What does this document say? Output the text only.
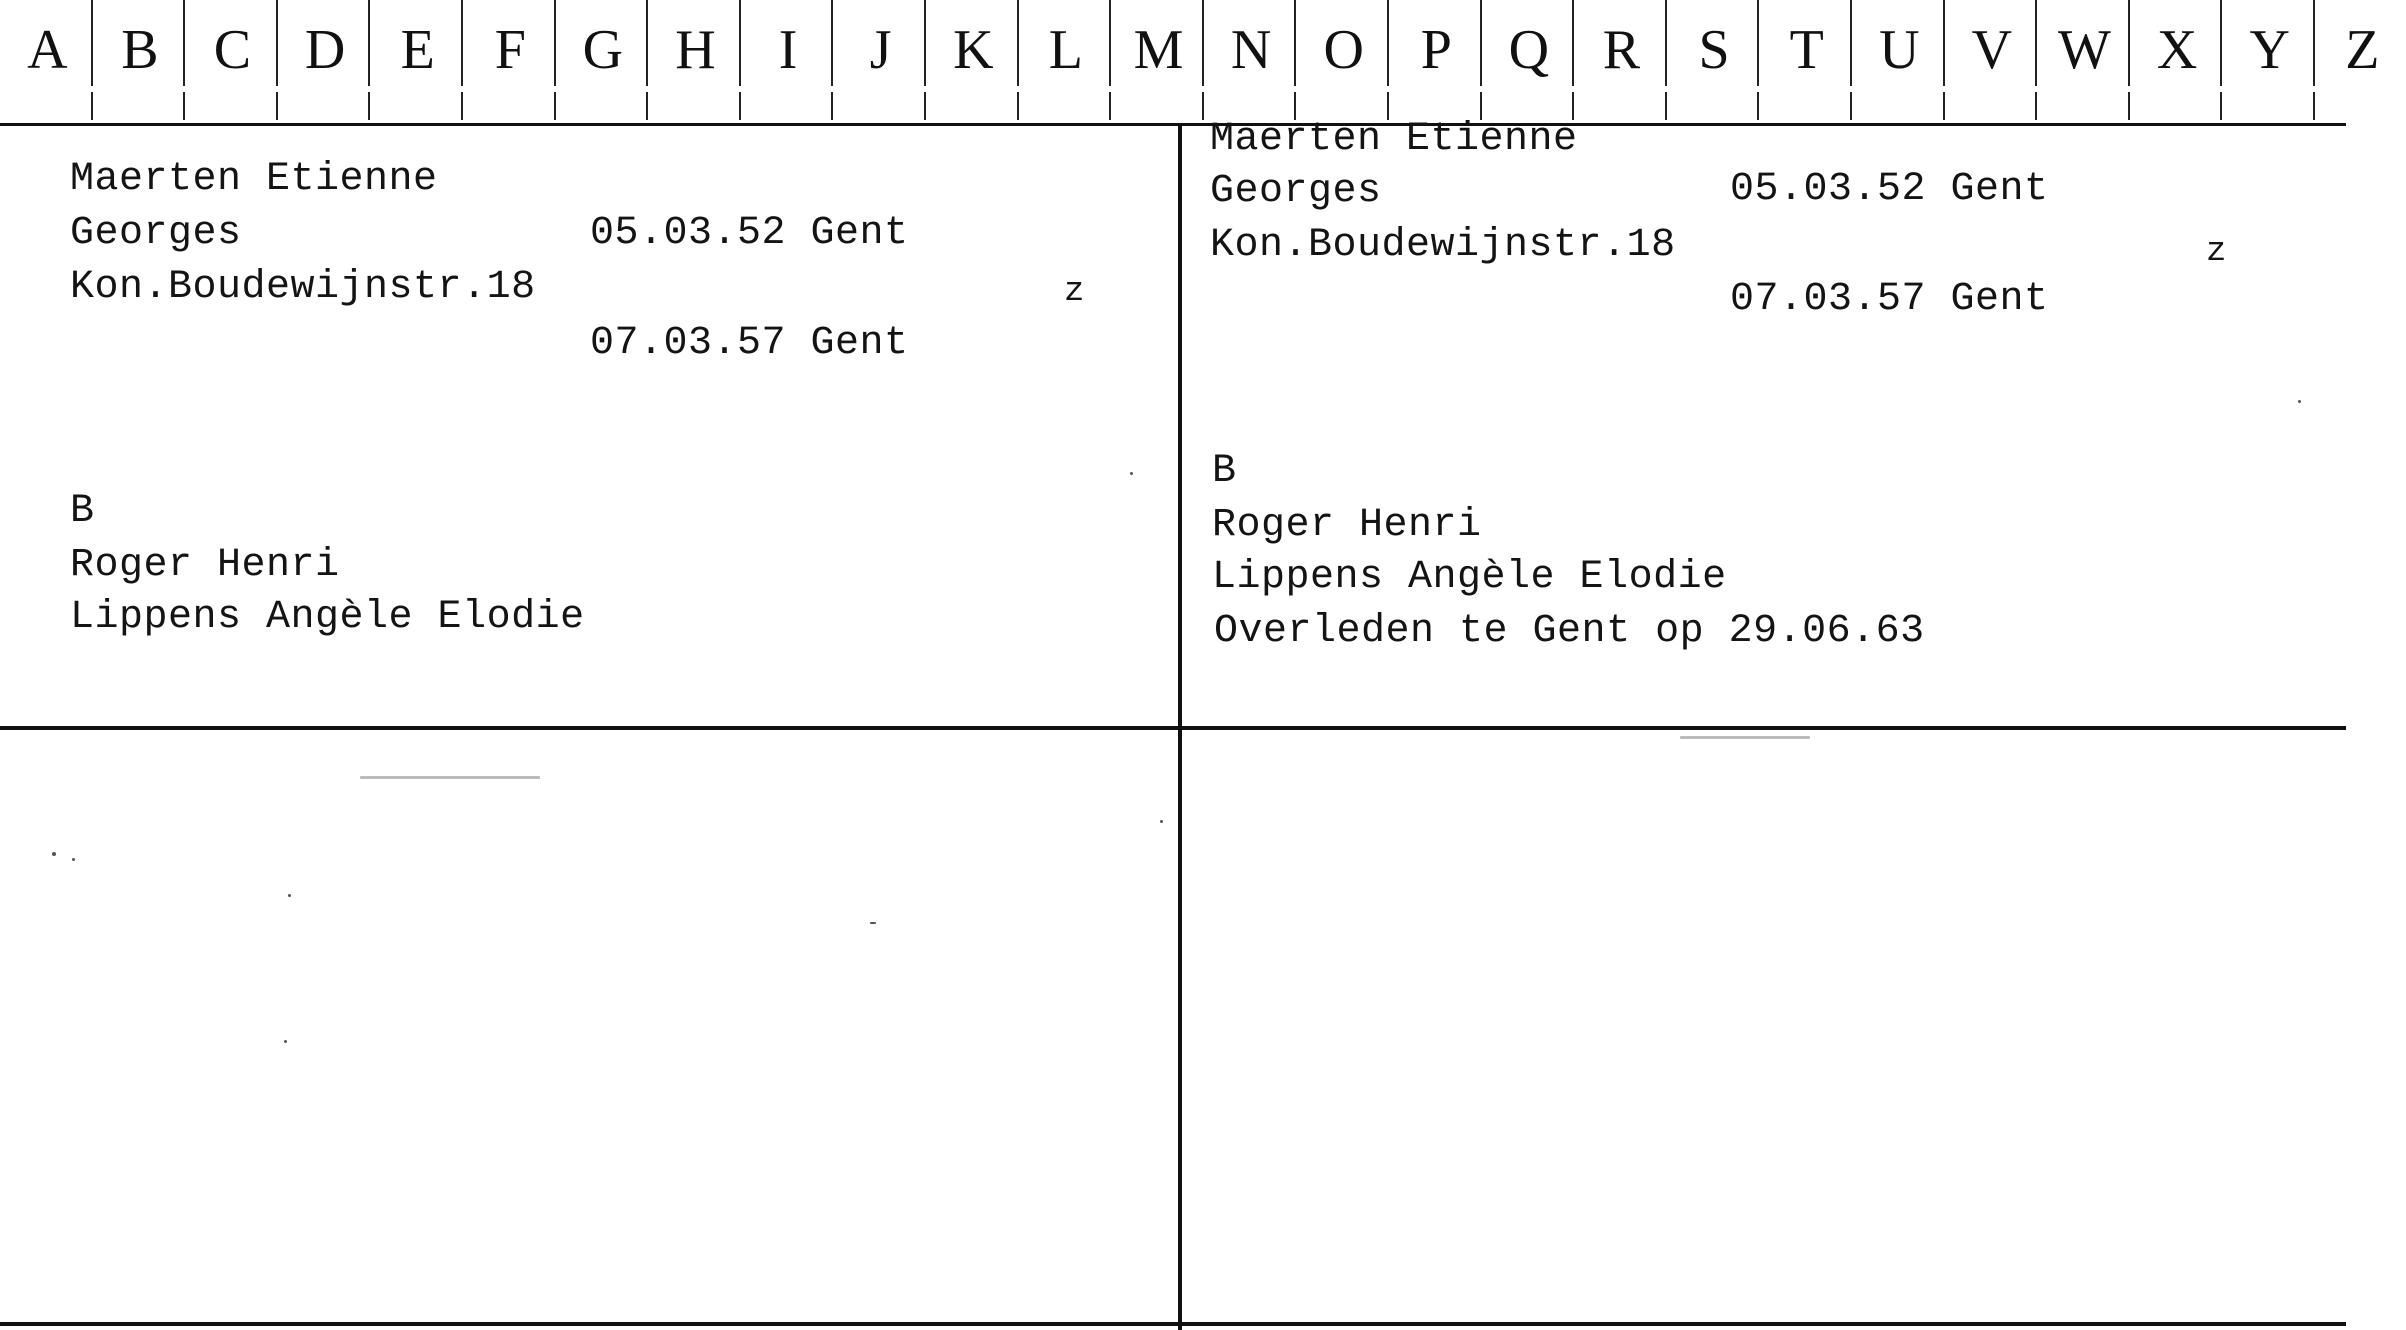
A B C D E	F	G H	I	J	K L M N O	P	Q R	S	T U V W X Y Z
Maerten Etienne
Georges	05.03.52 Gent
Kon.Boudewijnstr.18	z
07.03.57 Gent
B
Roger Henri
Lippens Angèle Elodie
Maerten Etienne
Georges	05.03.52 Gent
Kon.Boudewijnstr.18	z
07.03.57 Gent
B
Roger Henri
Lippens Angèle Elodie
Overleden te Gent op 29.06.63
